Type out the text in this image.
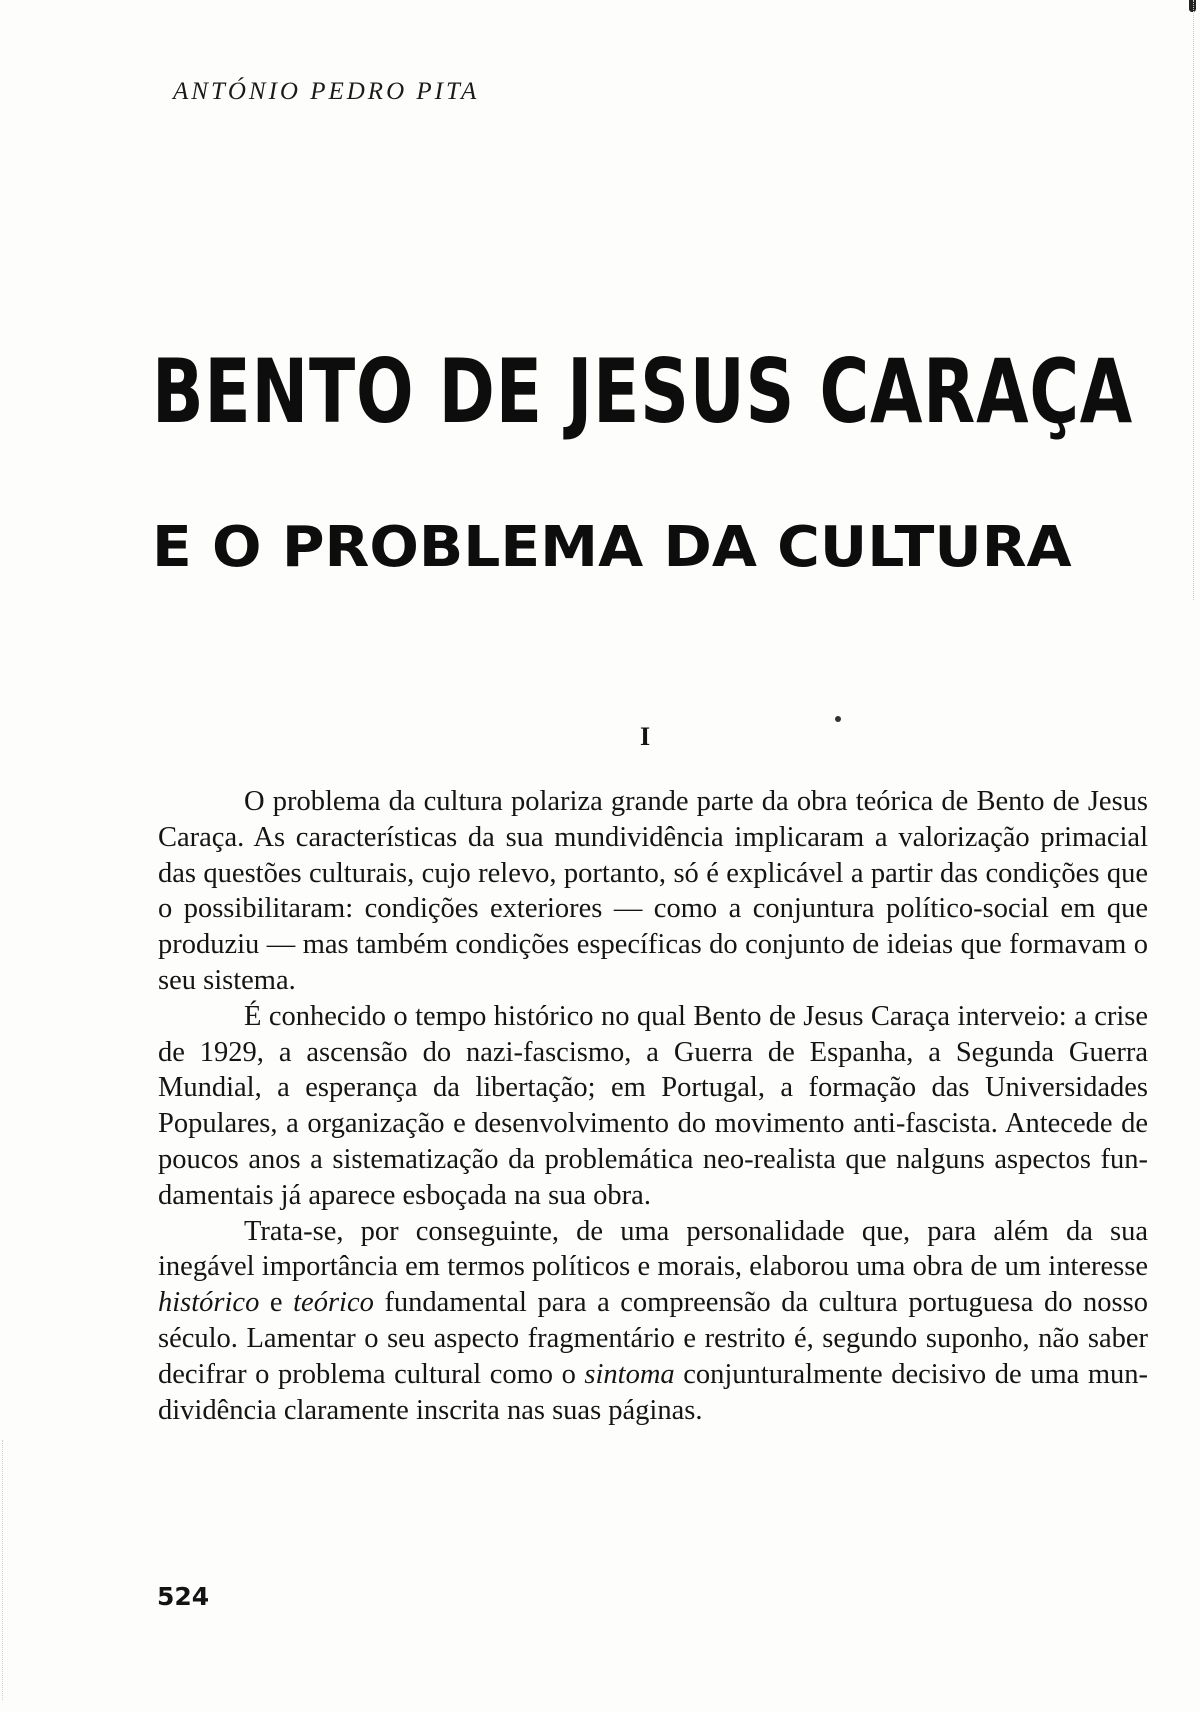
ANTÓNIO PEDRO PITA
BENTO DE JESUS CARAÇA
E O PROBLEMA DA CULTURA
I

O problema da cultura polariza grande parte da obra teórica de Bento de Jesus Caraça. As características da sua mundividência implicaram a valorização primacial das questões culturais, cujo relevo, portanto, só é explicável a partir das condições que o possibilitaram: condições exteriores — como a conjuntura político-social em que produziu — mas também condições específicas do conjunto de ideias que formavam o seu sistema.

É conhecido o tempo histórico no qual Bento de Jesus Caraça interveio: a crise de 1929, a ascensão do nazi-fascismo, a Guerra de Espanha, a Segunda Guerra Mundial, a esperança da libertação; em Portugal, a formação das Universidades Populares, a organização e desenvolvimento do movimento anti-fascista. Antecede de poucos anos a sistematização da problemática neo-realista que nalguns aspectos fundamentais já aparece esboçada na sua obra.

Trata-se, por conseguinte, de uma personalidade que, para além da sua inegável importância em termos políticos e morais, elaborou uma obra de um interesse histórico e teórico fundamental para a compreensão da cultura portuguesa do nosso século. Lamentar o seu aspecto fragmentário e restrito é, segundo suponho, não saber decifrar o problema cultural como o sintoma conjunturalmente decisivo de uma mundividência claramente inscrita nas suas páginas.

524
